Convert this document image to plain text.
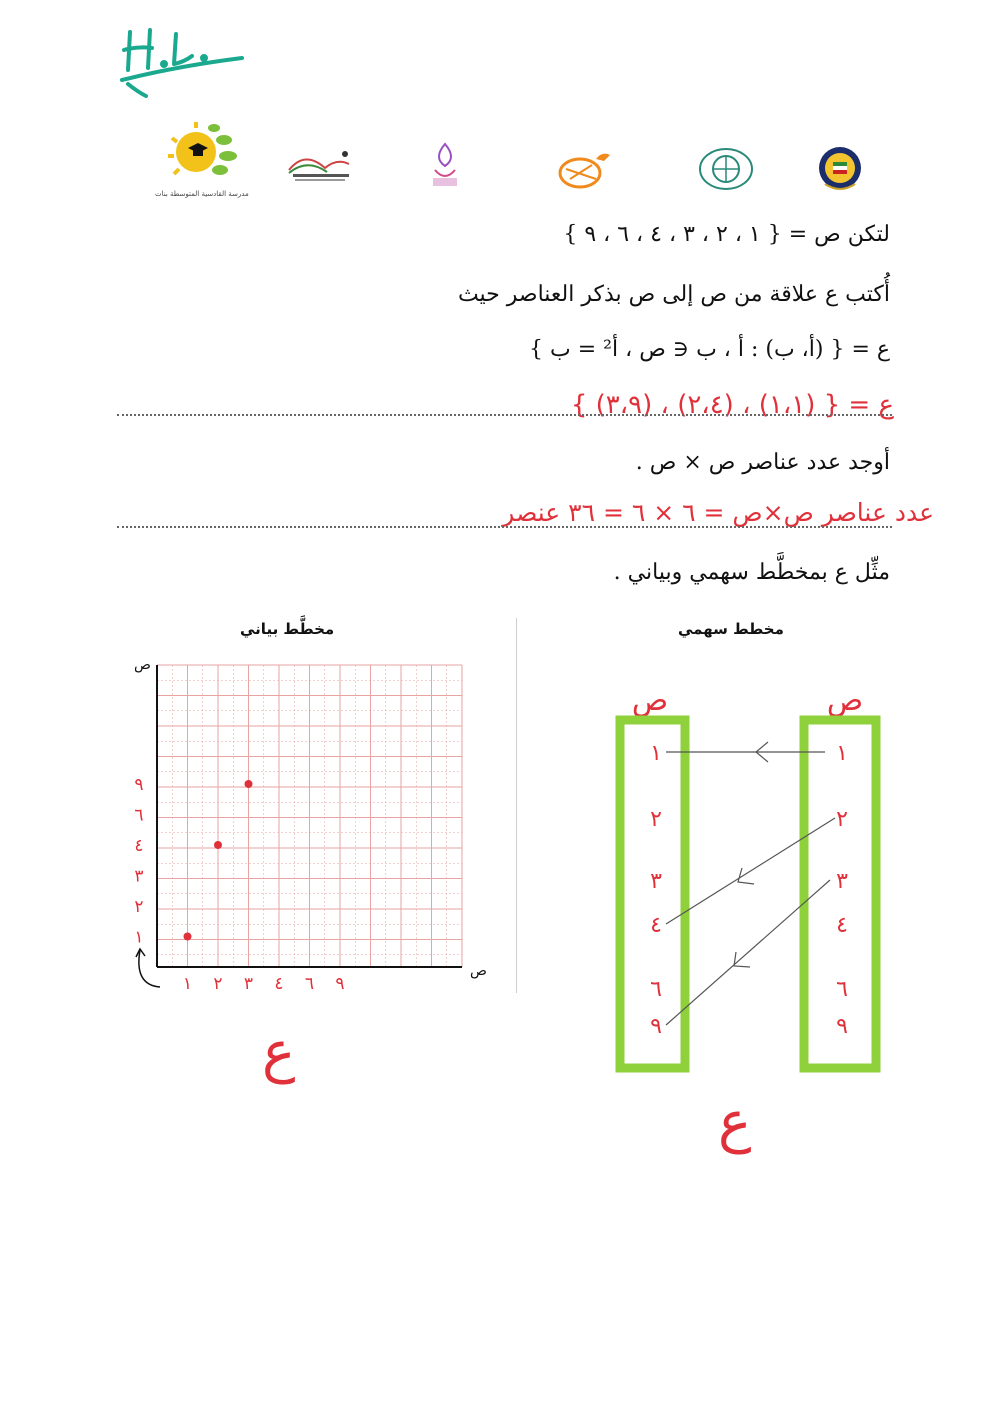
مدرسة القادسية المتوسطة بنات
لتكن ص = { ١ ، ٢ ، ٣ ، ٤ ، ٦ ، ٩ }
أُكتب ع علاقة من ص إلى ص بذكر العناصر حيث
ع = { (أ، ب) : أ ، ب ∈ ص ، أ² = ب }
ع = { (١،١) ، (٢،٤) ، (٣،٩) }
أوجد عدد عناصر ص × ص .
عدد عناصر ص×ص = ٦ × ٦ = ٣٦ عنصر
مثِّل ع بمخطَّط سهمي وبياني .
مخطَّط بياني	مخطط سهمي
ص
ص
١ ٢ ٣ ٤ ٦ ٩
١
٢
٣
٤
٦
٩
ع
ص	ص
١
٢
٣
٤
٦
٩
١
٢
٣
٤
٦
٩
ع
